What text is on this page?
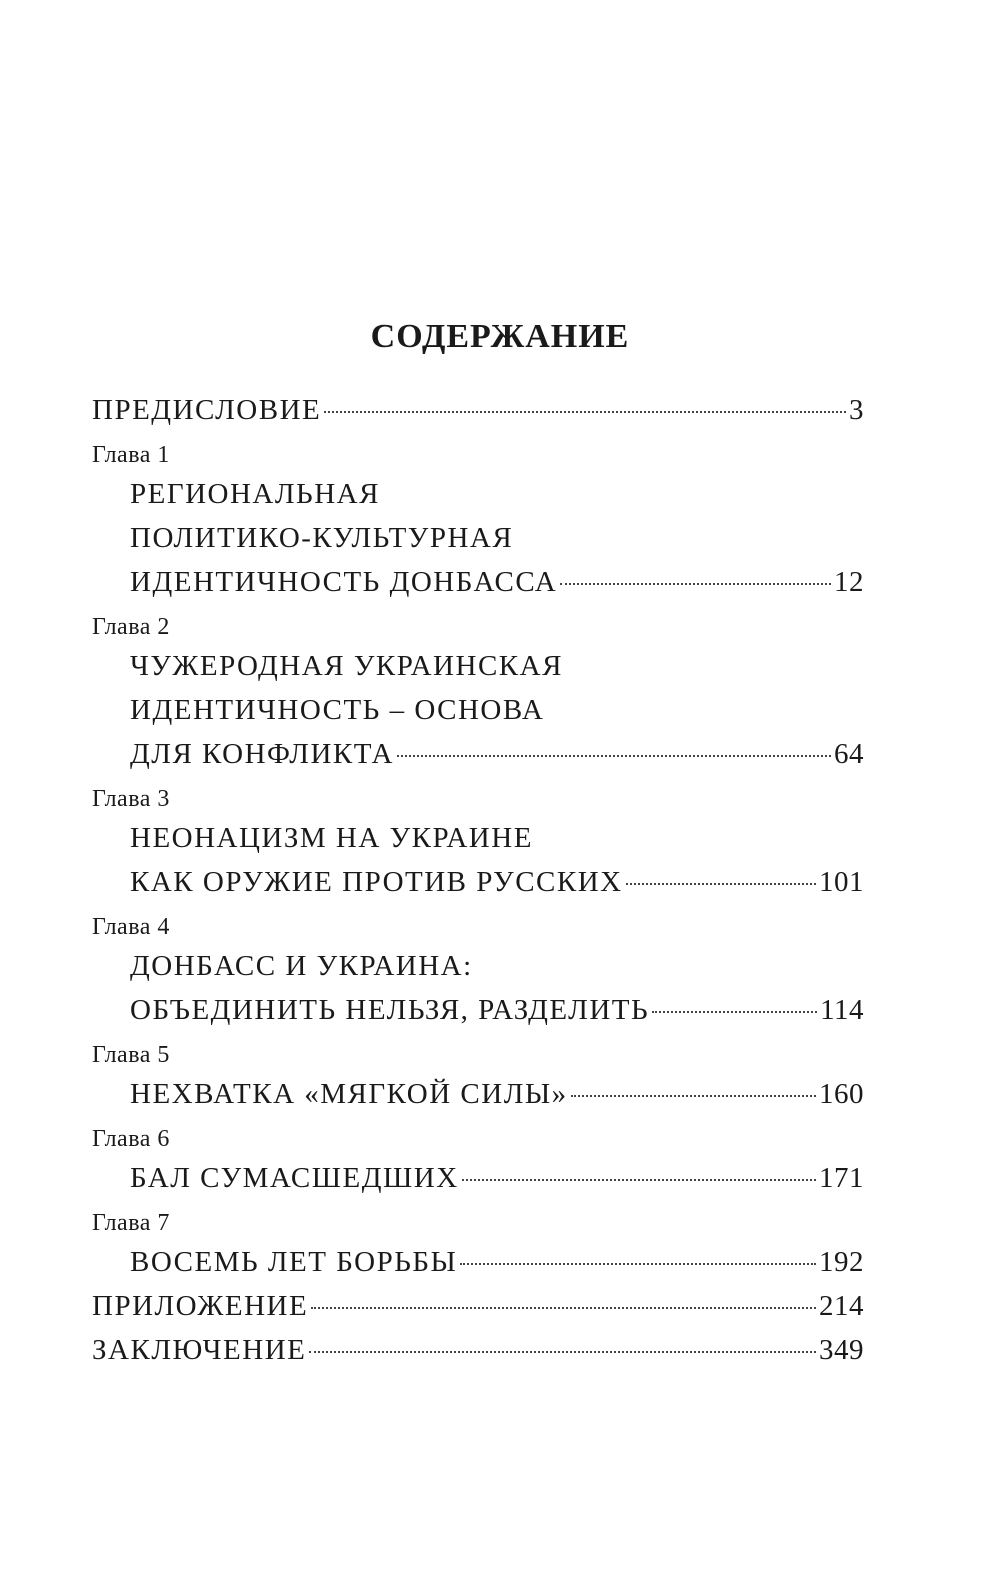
СОДЕРЖАНИЕ
ПРЕДИСЛОВИЕ	3
Глава 1
РЕГИОНАЛЬНАЯ
ПОЛИТИКО-КУЛЬТУРНАЯ
ИДЕНТИЧНОСТЬ ДОНБАССА	12
Глава 2
ЧУЖЕРОДНАЯ УКРАИНСКАЯ
ИДЕНТИЧНОСТЬ – ОСНОВА
ДЛЯ КОНФЛИКТА	64
Глава 3
НЕОНАЦИЗМ НА УКРАИНЕ
КАК ОРУЖИЕ ПРОТИВ РУССКИХ	101
Глава 4
ДОНБАСС И УКРАИНА:
ОБЪЕДИНИТЬ НЕЛЬЗЯ, РАЗДЕЛИТЬ	114
Глава 5
НЕХВАТКА «МЯГКОЙ СИЛЫ»	160
Глава 6
БАЛ СУМАСШЕДШИХ	171
Глава 7
ВОСЕМЬ ЛЕТ БОРЬБЫ	192
ПРИЛОЖЕНИЕ	214
ЗАКЛЮЧЕНИЕ	349
